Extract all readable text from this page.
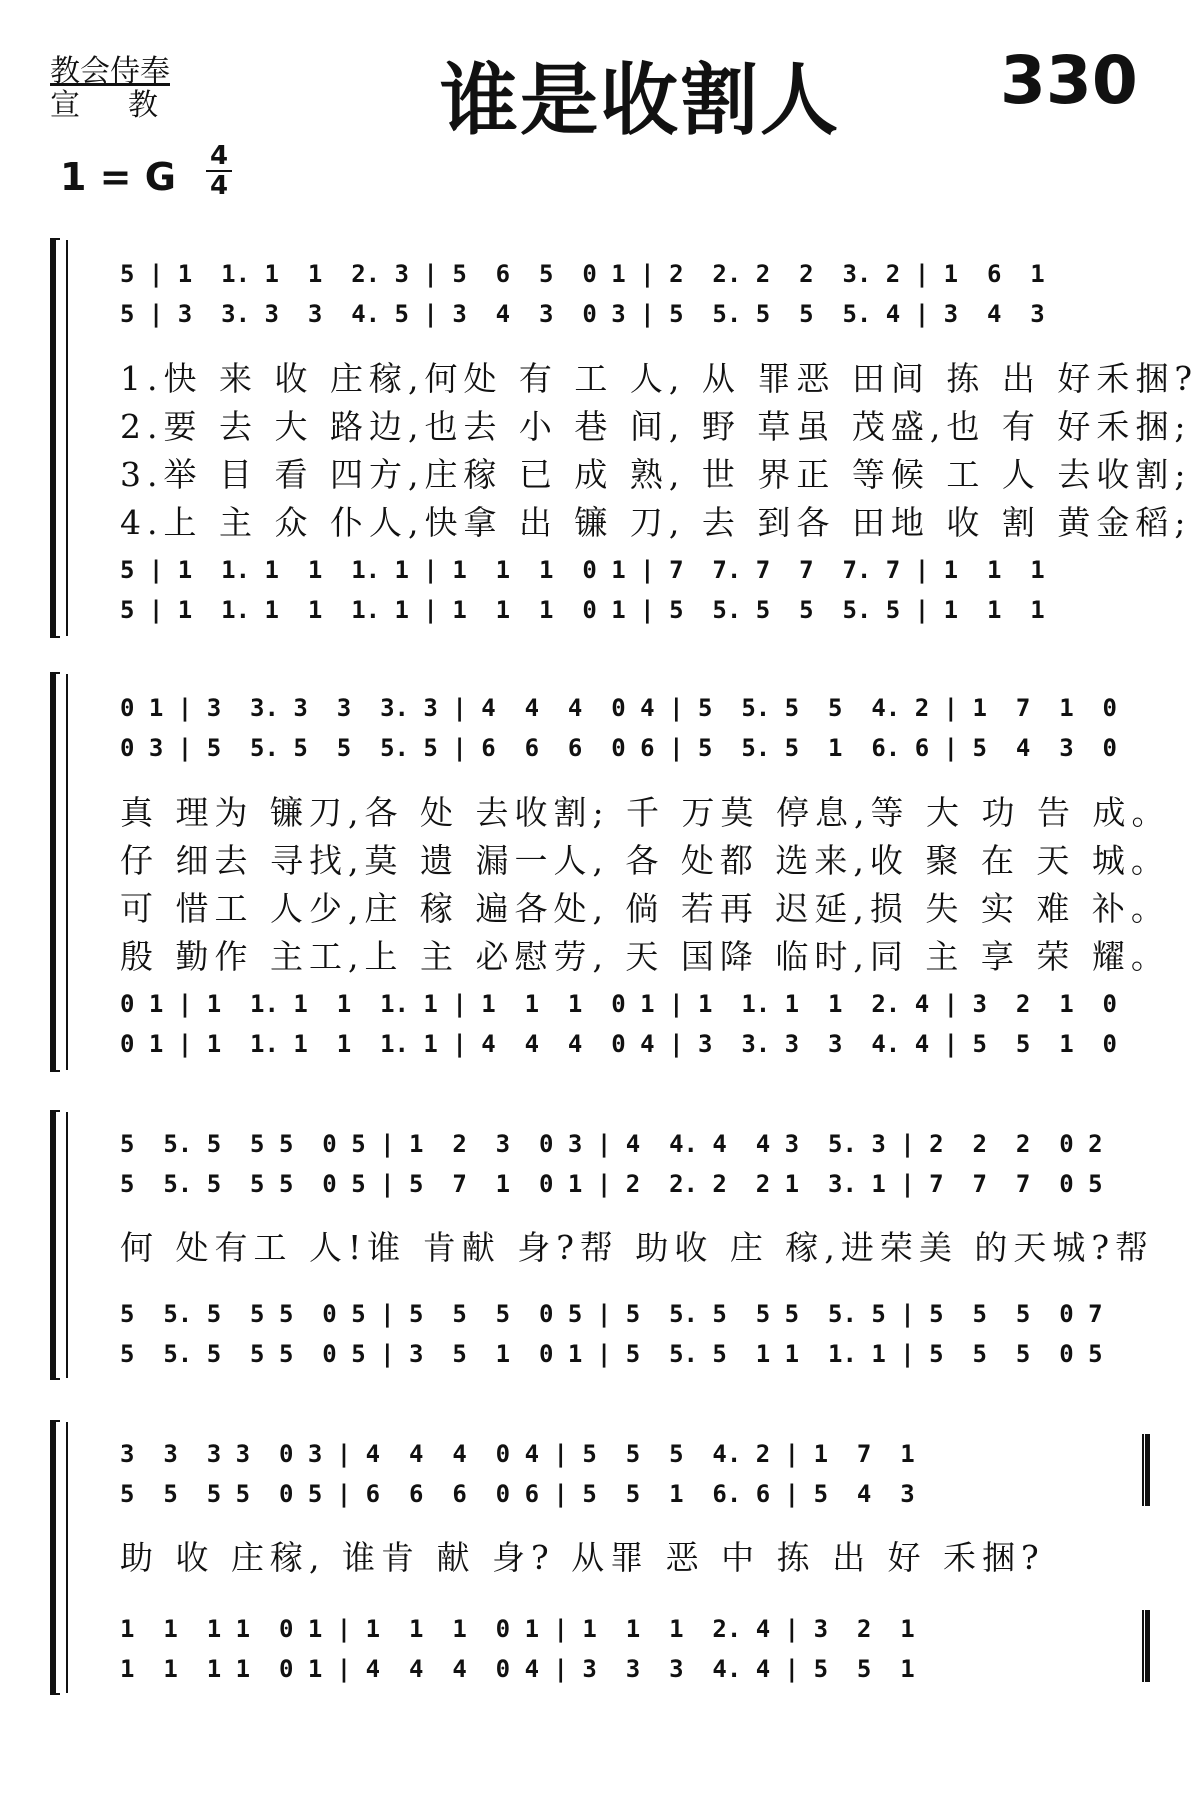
教会侍奉
宣教	谁是收割人 330
1 = G 4
4
5 | 1  1. 1  1  2. 3 | 5  6  5  0 1 | 2  2. 2  2  3. 2 | 1  6  1
5 | 3  3. 3  3  4. 5 | 3  4  3  0 3 | 5  5. 5  5  5. 4 | 3  4  3
1.快 来 收 庄稼,何处 有 工 人, 从 罪恶 田间 拣 出 好禾捆?
2.要 去 大 路边,也去 小 巷 间, 野 草虽 茂盛,也 有 好禾捆;
3.举 目 看 四方,庄稼 已 成 熟, 世 界正 等候 工 人 去收割;
4.上 主 众 仆人,快拿 出 镰 刀, 去 到各 田地 收 割 黄金稻;
5 | 1  1. 1  1  1. 1 | 1  1  1  0 1 | 7  7. 7  7  7. 7 | 1  1  1
5 | 1  1. 1  1  1. 1 | 1  1  1  0 1 | 5  5. 5  5  5. 5 | 1  1  1
0 1 | 3  3. 3  3  3. 3 | 4  4  4  0 4 | 5  5. 5  5  4. 2 | 1  7  1  0
0 3 | 5  5. 5  5  5. 5 | 6  6  6  0 6 | 5  5. 5  1  6. 6 | 5  4  3  0
真 理为 镰刀,各 处 去收割; 千 万莫 停息,等 大 功 告 成。
仔 细去 寻找,莫 遗 漏一人, 各 处都 选来,收 聚 在 天 城。
可 惜工 人少,庄 稼 遍各处, 倘 若再 迟延,损 失 实 难 补。
殷 勤作 主工,上 主 必慰劳, 天 国降 临时,同 主 享 荣 耀。
0 1 | 1  1. 1  1  1. 1 | 1  1  1  0 1 | 1  1. 1  1  2. 4 | 3  2  1  0
0 1 | 1  1. 1  1  1. 1 | 4  4  4  0 4 | 3  3. 3  3  4. 4 | 5  5  1  0
5  5. 5  5 5  0 5 | 1  2  3  0 3 | 4  4. 4  4 3  5. 3 | 2  2  2  0 2
5  5. 5  5 5  0 5 | 5  7  1  0 1 | 2  2. 2  2 1  3. 1 | 7  7  7  0 5
何 处有工 人!谁 肯献 身?帮 助收 庄 稼,进荣美 的天城?帮
5  5. 5  5 5  0 5 | 5  5  5  0 5 | 5  5. 5  5 5  5. 5 | 5  5  5  0 7
5  5. 5  5 5  0 5 | 3  5  1  0 1 | 5  5. 5  1 1  1. 1 | 5  5  5  0 5
3  3  3 3  0 3 | 4  4  4  0 4 | 5  5  5  4. 2 | 1  7  1
5  5  5 5  0 5 | 6  6  6  0 6 | 5  5  1  6. 6 | 5  4  3
助 收 庄稼, 谁肯 献 身? 从罪 恶 中 拣 出 好 禾捆?
1  1  1 1  0 1 | 1  1  1  0 1 | 1  1  1  2. 4 | 3  2  1
1  1  1 1  0 1 | 4  4  4  0 4 | 3  3  3  4. 4 | 5  5  1
